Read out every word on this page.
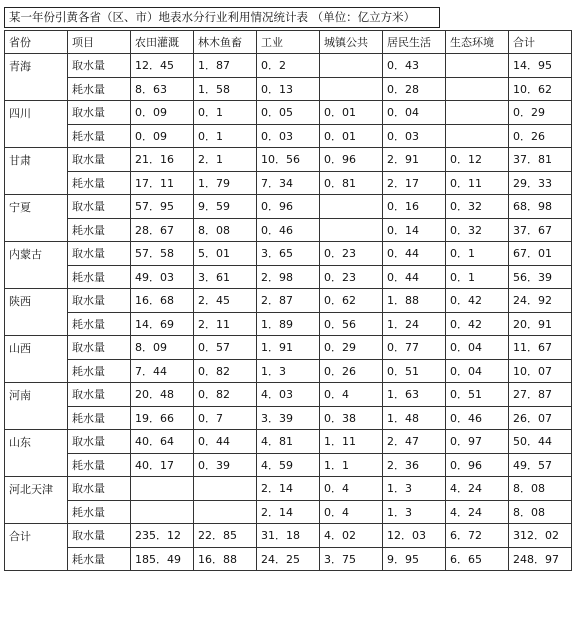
某一年份引黄各省（区、市）地表水分行业利用情况统计表 （单位：亿立方米）
省份	项目	农田灌溉	林木鱼畜	工业	城镇公共	居民生活	生态环境	合计
青海	取水量	12．45	1．87	0．2		0．43		14．95
	耗水量	8．63	1．58	0．13		0．28		10．62
四川	取水量	0．09	0．1	0．05	0．01	0．04		0．29
	耗水量	0．09	0．1	0．03	0．01	0．03		0．26
甘肃	取水量	21．16	2．1	10．56	0．96	2．91	0．12	37．81
	耗水量	17．11	1．79	7．34	0．81	2．17	0．11	29．33
宁夏	取水量	57．95	9．59	0．96		0．16	0．32	68．98
	耗水量	28．67	8．08	0．46		0．14	0．32	37．67
内蒙古	取水量	57．58	5．01	3．65	0．23	0．44	0．1	67．01
	耗水量	49．03	3．61	2．98	0．23	0．44	0．1	56．39
陕西	取水量	16．68	2．45	2．87	0．62	1．88	0．42	24．92
	耗水量	14．69	2．11	1．89	0．56	1．24	0．42	20．91
山西	取水量	8．09	0．57	1．91	0．29	0．77	0．04	11．67
	耗水量	7．44	0．82	1．3	0．26	0．51	0．04	10．07
河南	取水量	20．48	0．82	4．03	0．4	1．63	0．51	27．87
	耗水量	19．66	0．7	3．39	0．38	1．48	0．46	26．07
山东	取水量	40．64	0．44	4．81	1．11	2．47	0．97	50．44
	耗水量	40．17	0．39	4．59	1．1	2．36	0．96	49．57
河北天津	取水量			2．14	0．4	1．3	4．24	8．08
	耗水量			2．14	0．4	1．3	4．24	8．08
合计	取水量	235．12	22．85	31．18	4．02	12．03	6．72	312．02
	耗水量	185．49	16．88	24．25	3．75	9．95	6．65	248．97
